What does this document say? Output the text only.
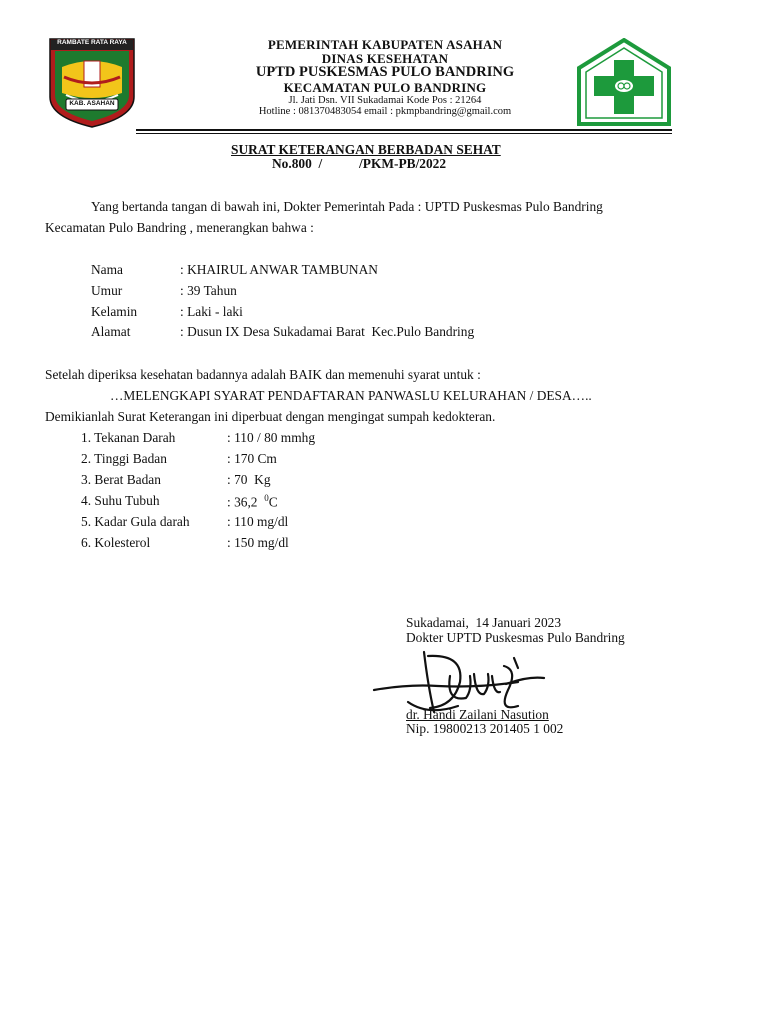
RAMBATE RATA RAYA
KAB. ASAHAN
PEMERINTAH KABUPATEN ASAHAN
DINAS KESEHATAN
UPTD PUSKESMAS PULO BANDRING
KECAMATAN PULO BANDRING
Jl. Jati Dsn. VII Sukadamai Kode Pos : 21264
Hotline : 081370483054 email : pkmpbandring@gmail.com
SURAT KETERANGAN BERBADAN SEHAT
No.800  /           /PKM-PB/2022
Yang bertanda tangan di bawah ini, Dokter Pemerintah Pada : UPTD Puskesmas Pulo Bandring
Kecamatan Pulo Bandring , menerangkan bahwa :
Nama	: KHAIRUL ANWAR TAMBUNAN
Umur	: 39 Tahun
Kelamin	: Laki - laki
Alamat	: Dusun IX Desa Sukadamai Barat  Kec.Pulo Bandring
Setelah diperiksa kesehatan badannya adalah BAIK dan memenuhi syarat untuk :
…MELENGKAPI SYARAT PENDAFTARAN PANWASLU KELURAHAN / DESA…..
Demikianlah Surat Keterangan ini diperbuat dengan mengingat sumpah kedokteran.
1. Tekanan Darah	: 110 / 80 mmhg
2. Tinggi Badan	: 170 Cm
3. Berat Badan	: 70  Kg
4. Suhu Tubuh	: 36,2  $^0$C
5. Kadar Gula darah	: 110 mg/dl
6. Kolesterol	: 150 mg/dl
Sukadamai,  14 Januari 2023
Dokter UPTD Puskesmas Pulo Bandring
dr. Handi Zailani Nasution
Nip. 19800213 201405 1 002
